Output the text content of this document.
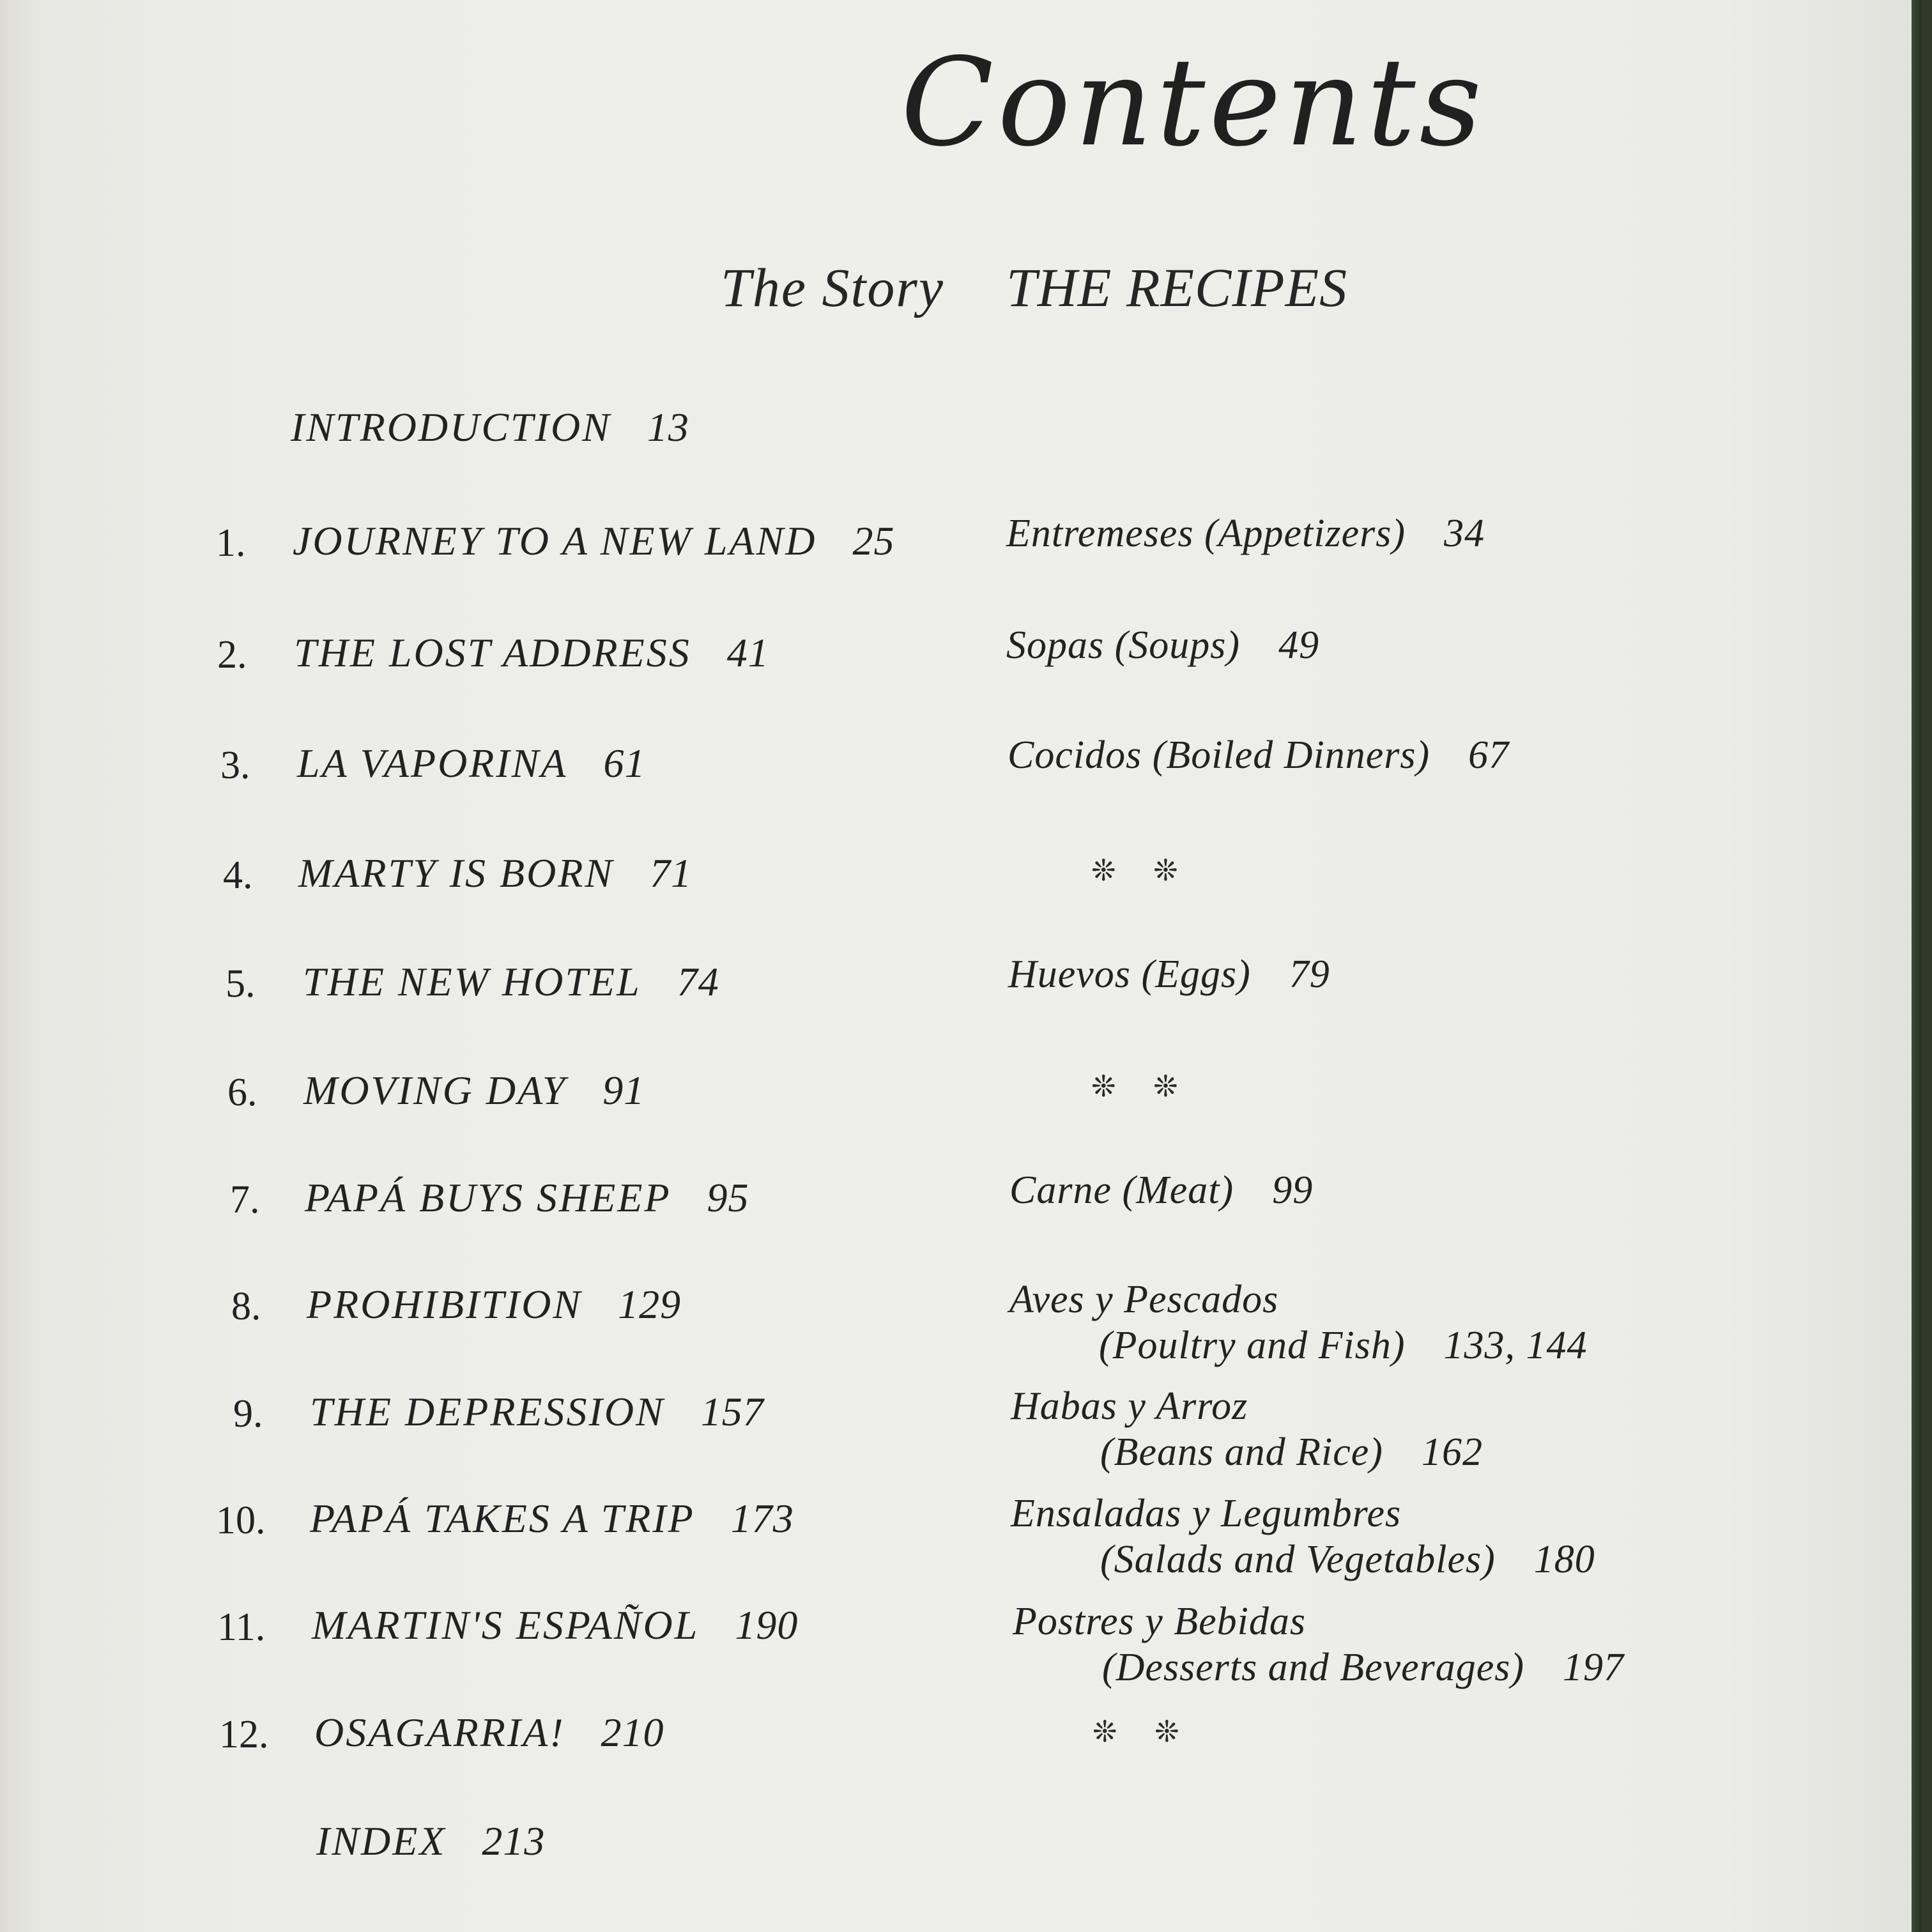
Contents
The Story THE RECIPES
INTRODUCTION 13
1. JOURNEY TO A NEW LAND 25
2. THE LOST ADDRESS 41
3. LA VAPORINA 61
4. MARTY IS BORN 71
5. THE NEW HOTEL 74
6. MOVING DAY 91
7. PAPÁ BUYS SHEEP 95
8. PROHIBITION 129
9. THE DEPRESSION 157
10. PAPÁ TAKES A TRIP 173
11. MARTIN'S ESPAÑOL 190
12. OSAGARRIA! 210
INDEX 213
Entremeses (Appetizers) 34
Sopas (Soups) 49
Cocidos (Boiled Dinners) 67
❊ ❊
Huevos (Eggs) 79
❊ ❊
Carne (Meat) 99
Aves y Pescados
(Poultry and Fish) 133, 144
Habas y Arroz
(Beans and Rice) 162
Ensaladas y Legumbres
(Salads and Vegetables) 180
Postres y Bebidas
(Desserts and Beverages) 197
❊ ❊
